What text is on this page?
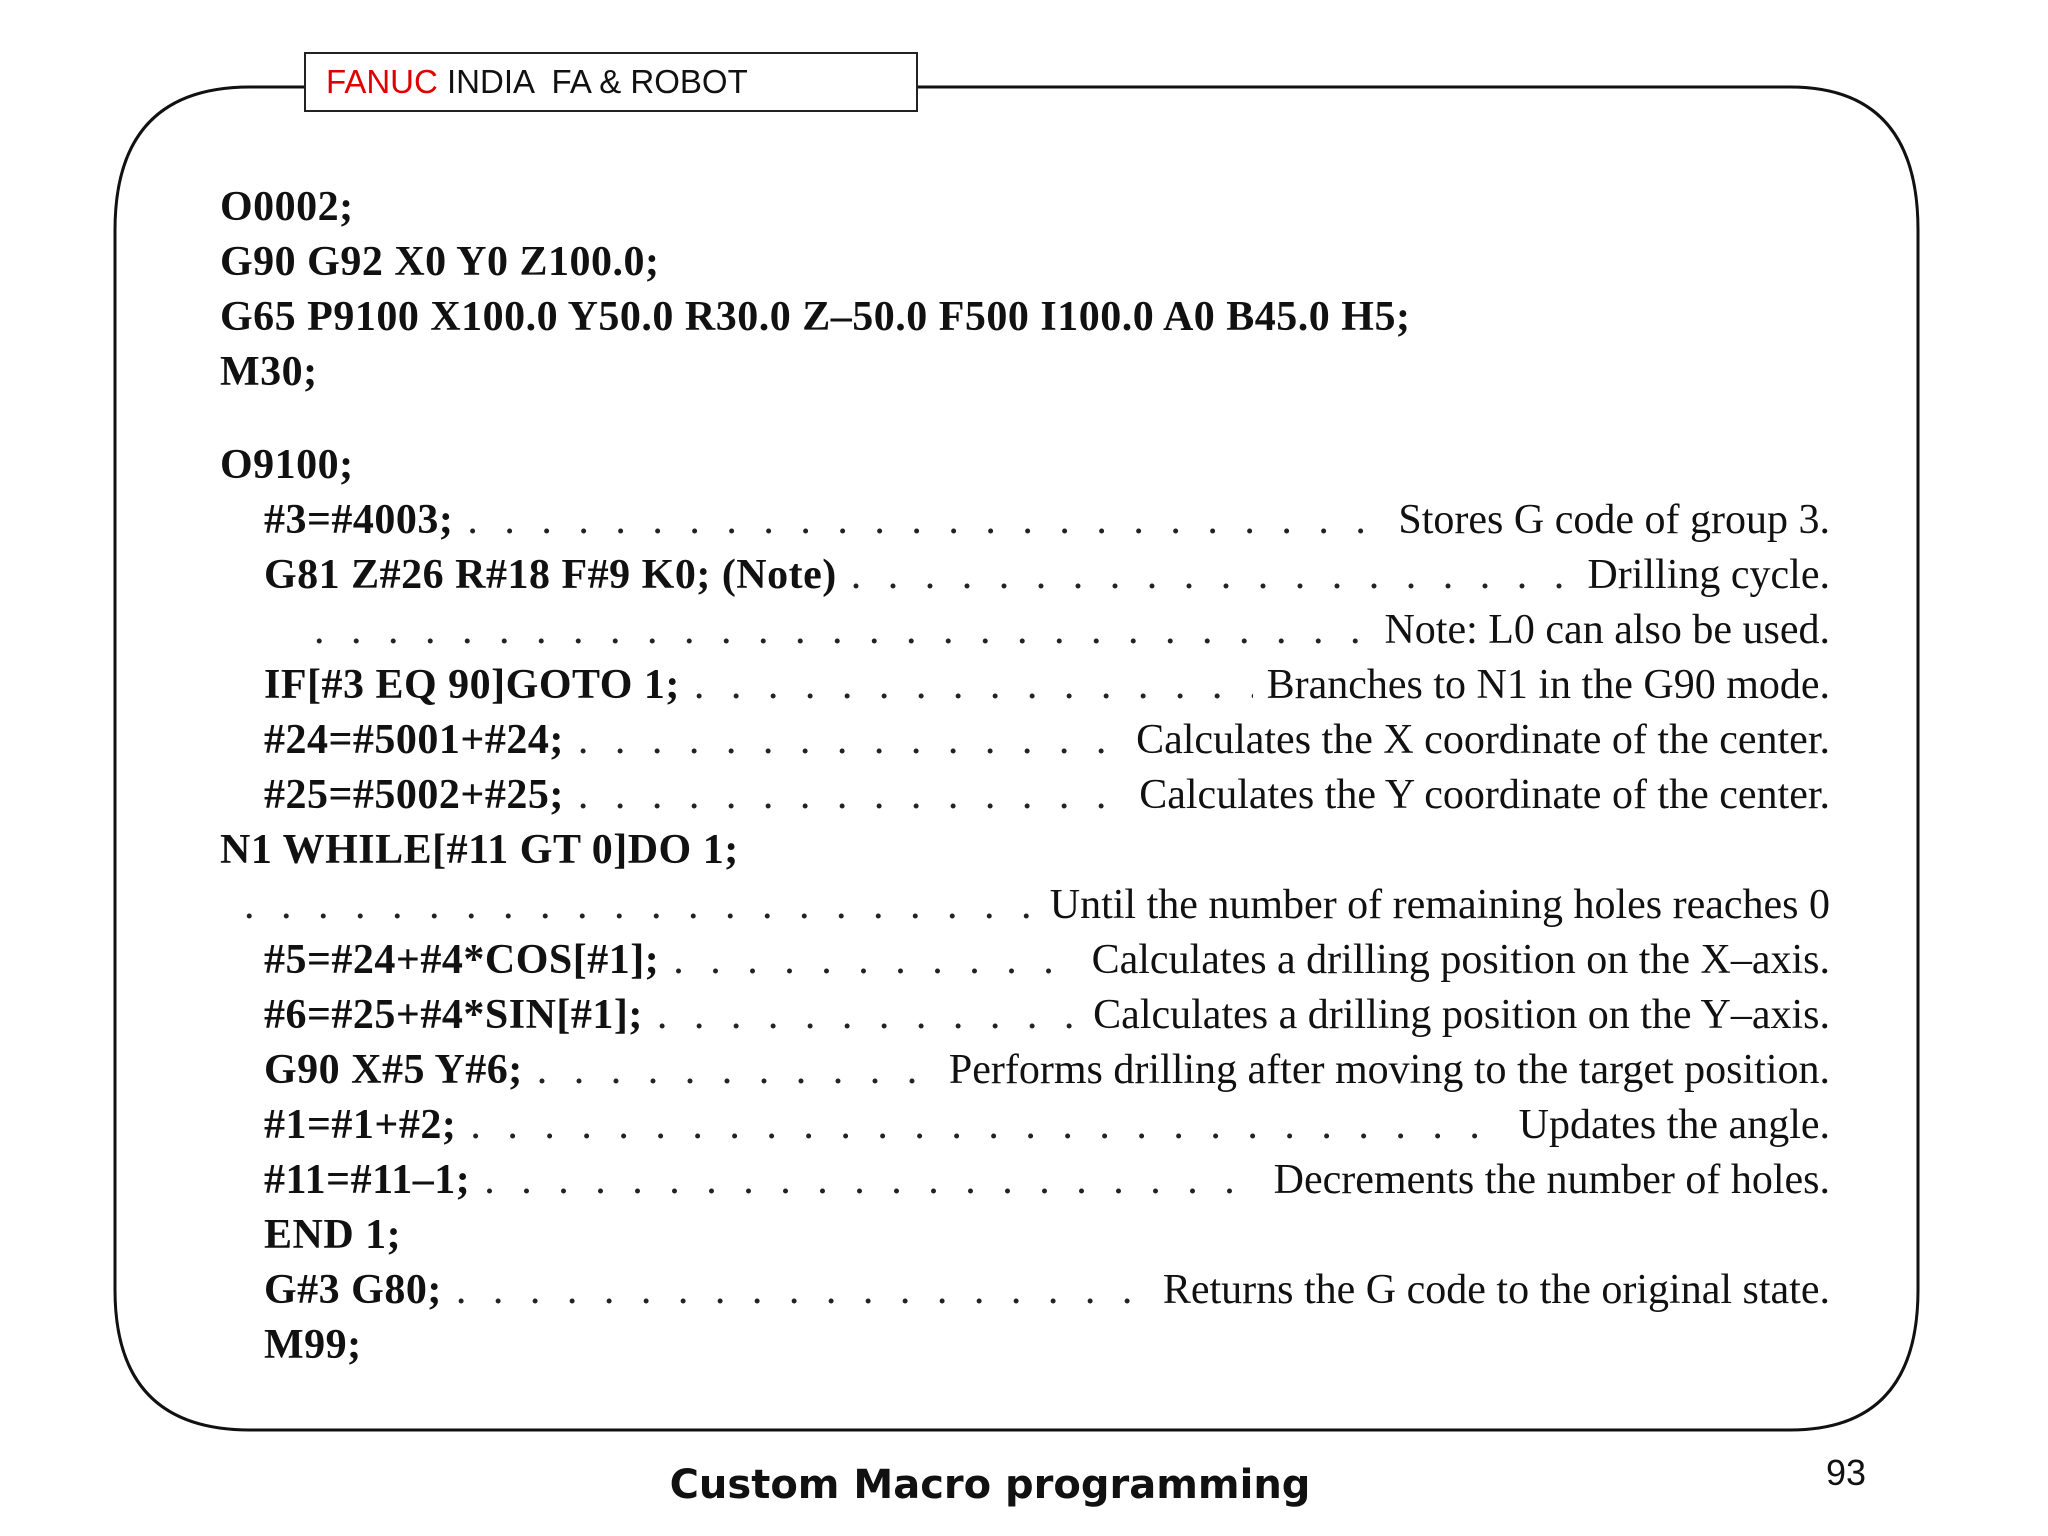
FANUC INDIA  FA & ROBOT
O0002;
G90 G92 X0 Y0 Z100.0;
G65 P9100 X100.0 Y50.0 R30.0 Z–50.0 F500 I100.0 A0 B45.0 H5;
M30;
O9100;
#3=#4003; . . .	Stores G code of group 3.
G81 Z#26 R#18 F#9 K0; (Note) . . .	Drilling cycle.
. . .
Note: L0 can also be used.
IF[#3 EQ 90]GOTO 1; . . .	Branches to N1 in the G90 mode.
#24=#5001+#24; . . .	Calculates the X coordinate of the center.
#25=#5002+#25; . . .	Calculates the Y coordinate of the center.
N1 WHILE[#11 GT 0]DO 1;
. . .
Until the number of remaining holes reaches 0
#5=#24+#4*COS[#1]; . . .	Calculates a drilling position on the X–axis.
#6=#25+#4*SIN[#1]; . . .	Calculates a drilling position on the Y–axis.
G90 X#5 Y#6; . . .	Performs drilling after moving to the target position.
#1=#1+#2; . . .	Updates the angle.
#11=#11–1; . . .	Decrements the number of holes.
END 1;
G#3 G80; . . .	Returns the G code to the original state.
M99;
Custom Macro programming	93
